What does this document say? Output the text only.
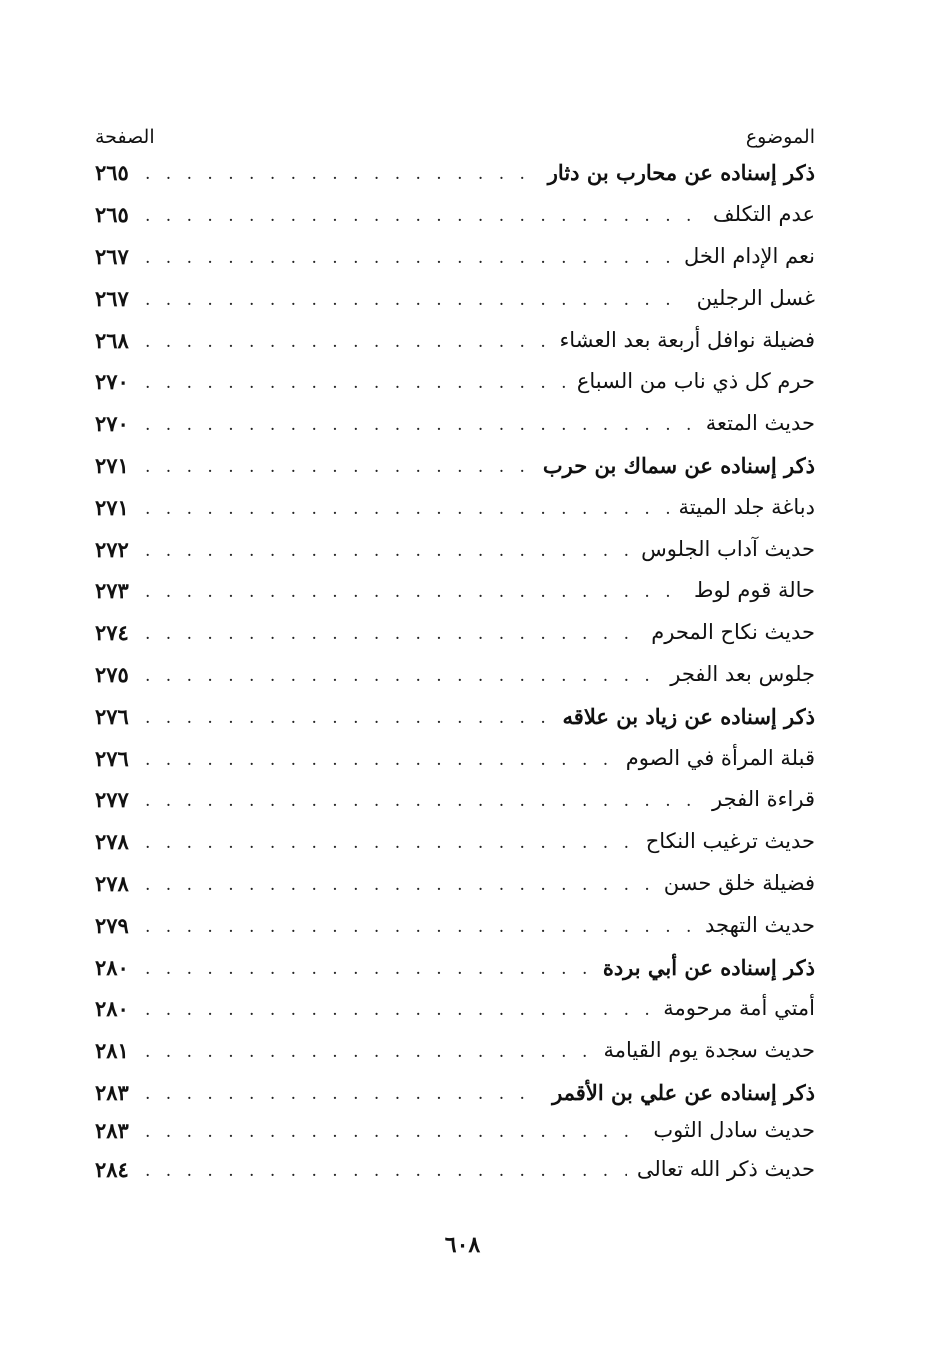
الموضوع
الصفحة
ذكر إسناده عن محارب بن دثار
. . .
٢٦٥
عدم التكلف
. . .
٢٦٥
نعم الإدام الخل
. . .
٢٦٧
غسل الرجلين
. . .
٢٦٧
فضيلة نوافل أربعة بعد العشاء
. . .
٢٦٨
حرم كل ذي ناب من السباع
. . .
٢٧٠
حديث المتعة
. . .
٢٧٠
ذكر إسناده عن سماك بن حرب
. . .
٢٧١
دباغة جلد الميتة
. . .
٢٧١
حديث آداب الجلوس
. . .
٢٧٢
حالة قوم لوط
. . .
٢٧٣
حديث نكاح المحرم
. . .
٢٧٤
جلوس بعد الفجر
. . .
٢٧٥
ذكر إسناده عن زياد بن علاقه
. . .
٢٧٦
قبلة المرأة في الصوم
. . .
٢٧٦
قراءة الفجر
. . .
٢٧٧
حديث ترغيب النكاح
. . .
٢٧٨
فضيلة خلق حسن
. . .
٢٧٨
حديث التهجد
. . .
٢٧٩
ذكر إسناده عن أبي بردة
. . .
٢٨٠
أمتي أمة مرحومة
. . .
٢٨٠
حديث سجدة يوم القيامة
. . .
٢٨١
ذكر إسناده عن علي بن الأقمر
. . .
٢٨٣
حديث سادل الثوب
. . .
٢٨٣
حديث ذكر الله تعالى
. . .
٢٨٤
٦٠٨
